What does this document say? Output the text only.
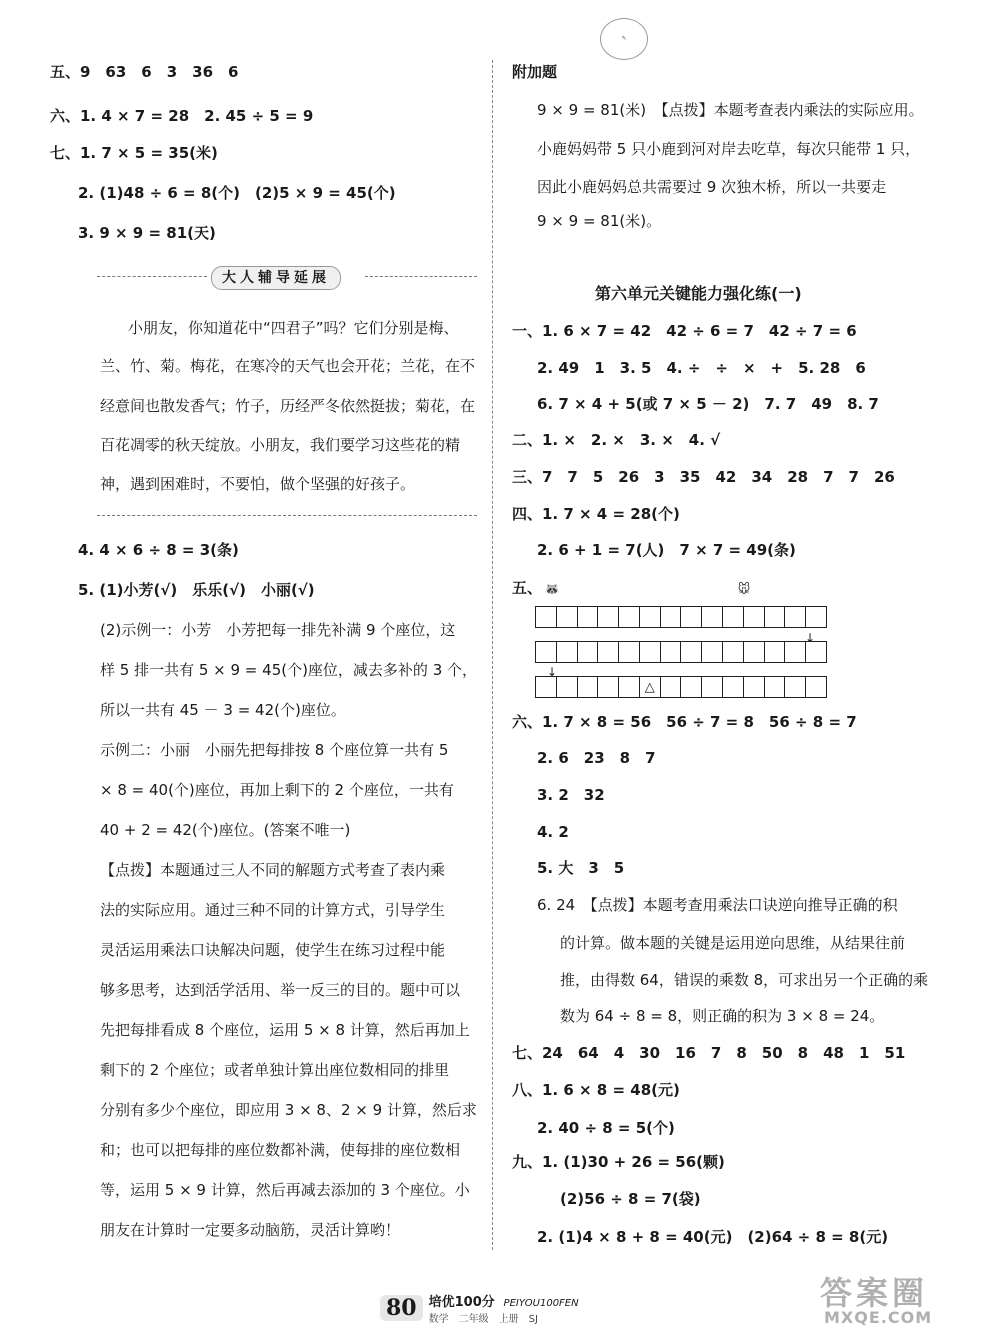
五、9　63　6　3　36　6
六、1. 4 × 7 = 28　2. 45 ÷ 5 = 9
七、1. 7 × 5 = 35(米)
2. (1)48 ÷ 6 = 8(个)　(2)5 × 9 = 45(个)
3. 9 × 9 = 81(天)
大人辅导延展
小朋友，你知道花中“四君子”吗？它们分别是梅、
兰、竹、菊。梅花，在寒冷的天气也会开花；兰花，在不
经意间也散发香气；竹子，历经严冬依然挺拔；菊花，在
百花凋零的秋天绽放。小朋友，我们要学习这些花的精
神，遇到困难时，不要怕，做个坚强的好孩子。
4. 4 × 6 ÷ 8 = 3(条)
5. (1)小芳(√)　乐乐(√)　小丽(√)
(2)示例一：小芳　小芳把每一排先补满 9 个座位，这
样 5 排一共有 5 × 9 = 45(个)座位，减去多补的 3 个，
所以一共有 45 － 3 = 42(个)座位。
示例二：小丽　小丽先把每排按 8 个座位算一共有 5
× 8 = 40(个)座位，再加上剩下的 2 个座位，一共有
40 + 2 = 42(个)座位。(答案不唯一)
【点拨】本题通过三人不同的解题方式考查了表内乘
法的实际应用。通过三种不同的计算方式，引导学生
灵活运用乘法口诀解决问题，使学生在练习过程中能
够多思考，达到活学活用、举一反三的目的。题中可以
先把每排看成 8 个座位，运用 5 × 8 计算，然后再加上
剩下的 2 个座位；或者单独计算出座位数相同的排里
分别有多少个座位，即应用 3 × 8、2 × 9 计算，然后求
和；也可以把每排的座位数都补满，使每排的座位数相
等，运用 5 × 9 计算，然后再减去添加的 3 个座位。小
朋友在计算时一定要多动脑筋，灵活计算哟！
✎
附加题
9 × 9 = 81(米)　【点拨】本题考查表内乘法的实际应用。
小鹿妈妈带 5 只小鹿到河对岸去吃草，每次只能带 1 只，
因此小鹿妈妈总共需要过 9 次独木桥，所以一共要走
9 × 9 = 81(米)。
第六单元关键能力强化练(一)
一、1. 6 × 7 = 42　42 ÷ 6 = 7　42 ÷ 7 = 6
2. 49　1　3. 5　4. ÷　÷　×　+　5. 28　6
6. 7 × 4 + 5(或 7 × 5 － 2)　7. 7　49　8. 7
二、1. ×　2. ×　3. ×　4. √
三、7　7　5　26　3　35　42　34　28　7　7　26
四、1. 7 × 4 = 28(个)
2. 6 + 1 = 7(人)　7 × 7 = 49(条)
五、 🦝	🐭
↓
↓
△
六、1. 7 × 8 = 56　56 ÷ 7 = 8　56 ÷ 8 = 7
2. 6　23　8　7
3. 2　32
4. 2
5. 大　3　5
6. 24　【点拨】本题考查用乘法口诀逆向推导正确的积
的计算。做本题的关键是运用逆向思维，从结果往前
推，由得数 64，错误的乘数 8，可求出另一个正确的乘
数为 64 ÷ 8 = 8，则正确的积为 3 × 8 = 24。
七、24　64　4　30　16　7　8　50　8　48　1　51
八、1. 6 × 8 = 48(元)
2. 40 ÷ 8 = 5(个)
九、1. (1)30 + 26 = 56(颗)
(2)56 ÷ 8 = 7(袋)
2. (1)4 × 8 + 8 = 40(元)　(2)64 ÷ 8 = 8(元)
80 培优100分 PEIYOU100FEN
数学　二年级　上册　SJ
答案圈
MXQE.COM
